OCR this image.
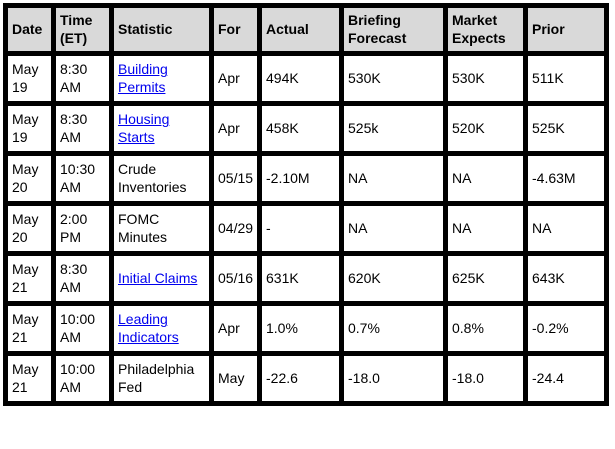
Date	Time (ET)	Statistic	For	Actual	Briefing Forecast	Market Expects	Prior
May 19	8:30 AM	Building Permits	Apr	494K	530K	530K	511K
May 19	8:30 AM	Housing Starts	Apr	458K	525k	520K	525K
May 20	10:30 AM	Crude Inventories	05/15	-2.10M	NA	NA	-4.63M
May 20	2:00 PM	FOMC Minutes	04/29	-	NA	NA	NA
May 21	8:30 AM	Initial Claims	05/16	631K	620K	625K	643K
May 21	10:00 AM	Leading Indicators	Apr	1.0%	0.7%	0.8%	-0.2%
May 21	10:00 AM	Philadelphia Fed	May	-22.6	-18.0	-18.0	-24.4
